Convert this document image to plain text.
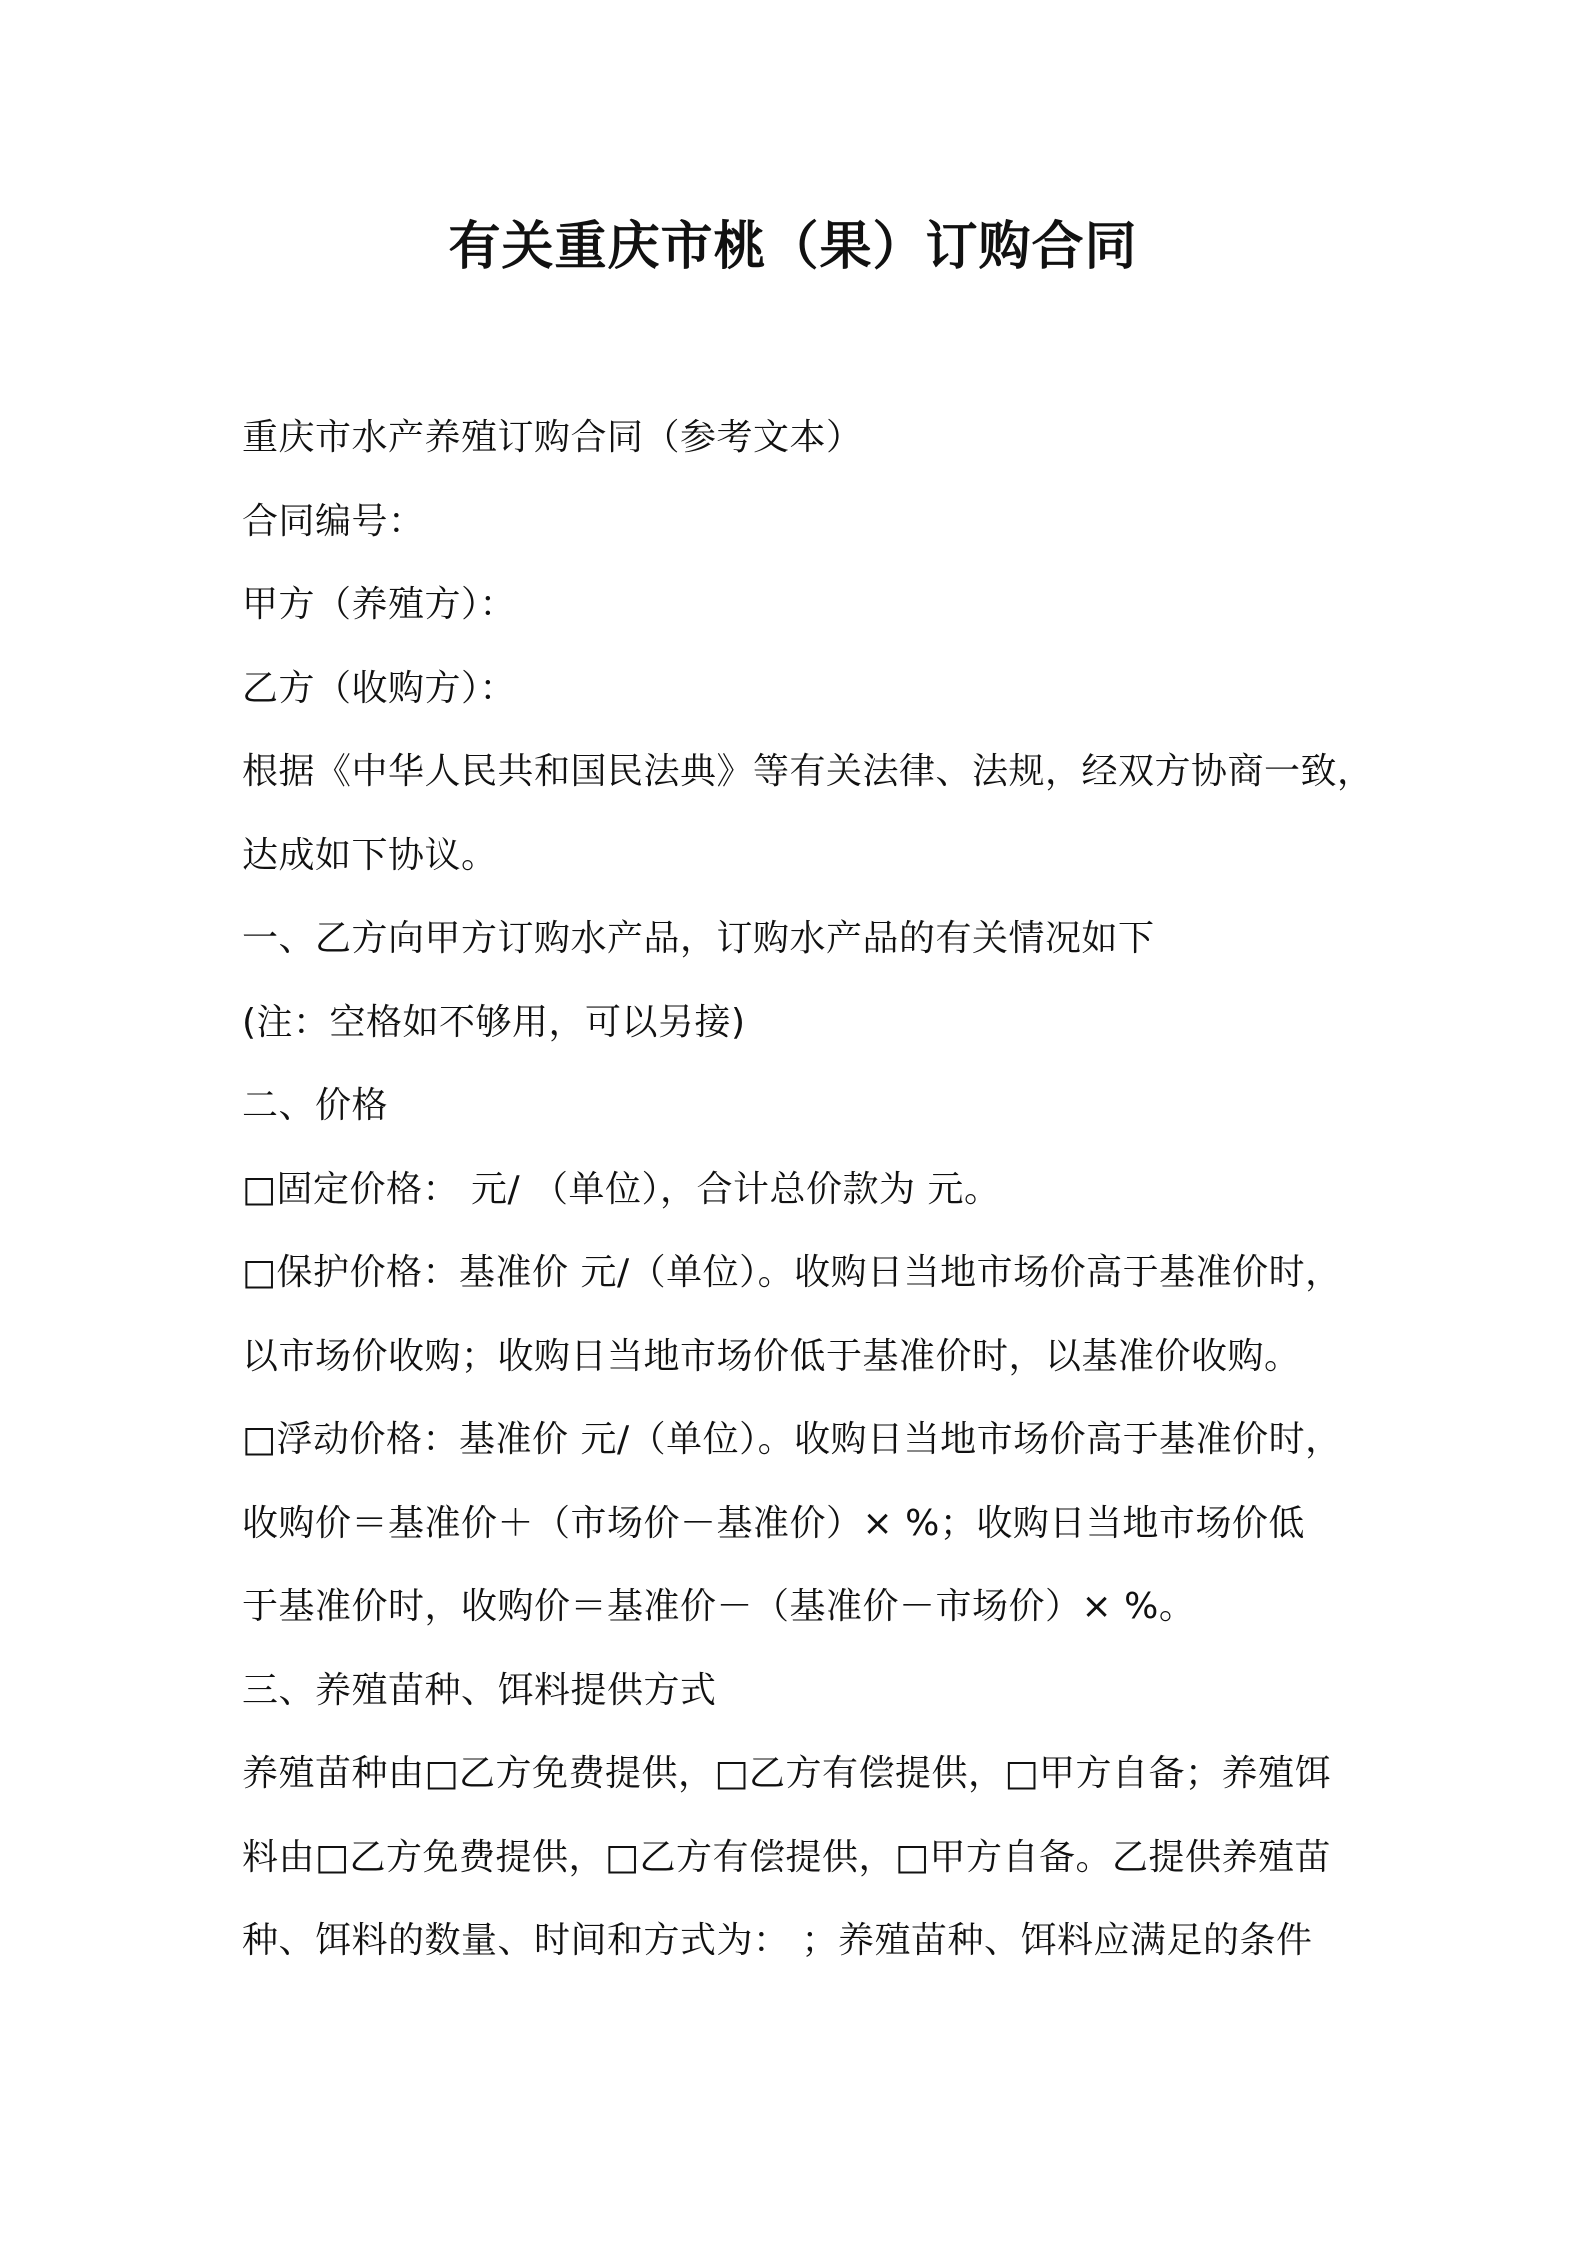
有关重庆市桃（果）订购合同
重庆市水产养殖订购合同（参考文本）
合同编号：
甲方（养殖方）：
乙方（收购方）：
根据《中华人民共和国民法典》等有关法律、法规，经双方协商一致，
达成如下协议。
一、乙方向甲方订购水产品，订购水产品的有关情况如下
(注：空格如不够用，可以另接)
二、价格
□固定价格： 元/ （单位），合计总价款为 元。
□保护价格：基准价 元/（单位）。收购日当地市场价高于基准价时，
以市场价收购；收购日当地市场价低于基准价时，以基准价收购。
□浮动价格：基准价 元/（单位）。收购日当地市场价高于基准价时，
收购价＝基准价＋（市场价－基准价）× %；收购日当地市场价低
于基准价时，收购价＝基准价－（基准价－市场价）× %。
三、养殖苗种、饵料提供方式
养殖苗种由□乙方免费提供，□乙方有偿提供，□甲方自备；养殖饵
料由□乙方免费提供，□乙方有偿提供，□甲方自备。乙提供养殖苗
种、饵料的数量、时间和方式为： ；养殖苗种、饵料应满足的条件
